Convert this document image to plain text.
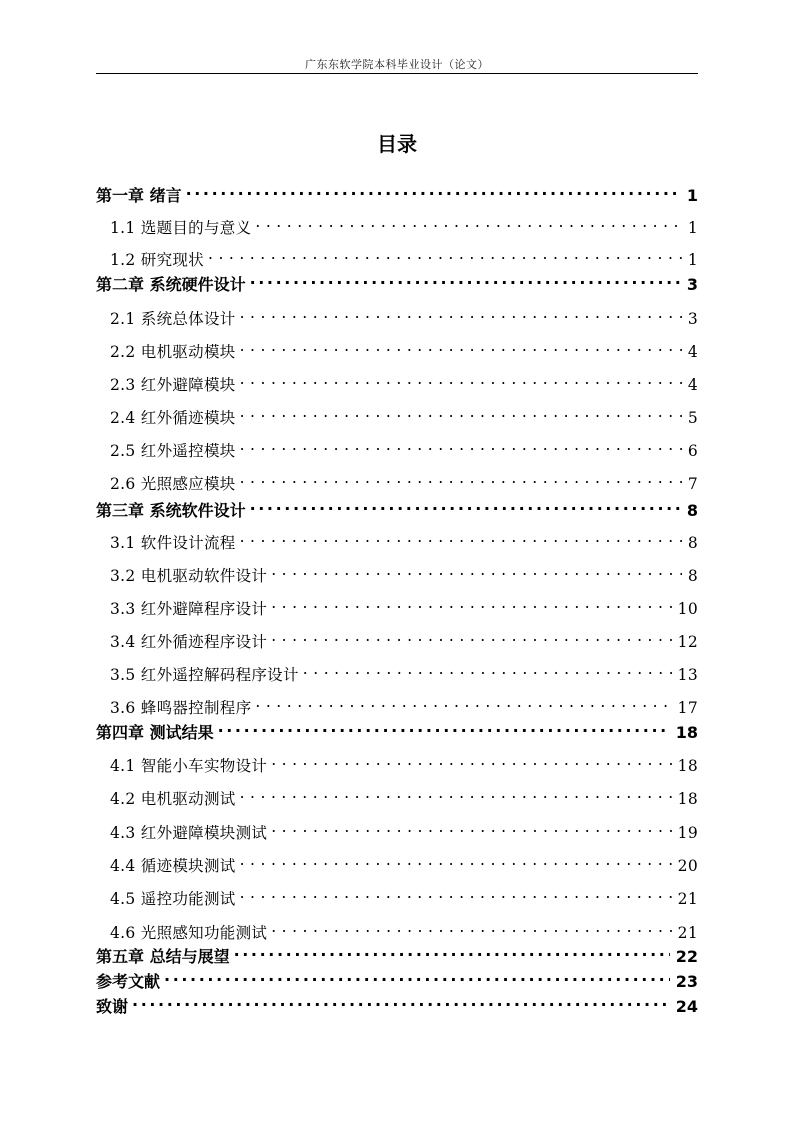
广东东软学院本科毕业设计（论文）
目录
第一章 绪言 .....	1
1.1 选题目的与意义 . . .	1
1.2 研究现状 . . .	1
第二章 系统硬件设计 .....	3
2.1 系统总体设计 . . .	3
2.2 电机驱动模块 . . .	4
2.3 红外避障模块 . . .	4
2.4 红外循迹模块 . . .	5
2.5 红外遥控模块 . . .	6
2.6 光照感应模块 . . .	7
第三章 系统软件设计 .....	8
3.1 软件设计流程 . . .	8
3.2 电机驱动软件设计 . . .	8
3.3 红外避障程序设计 . . .	10
3.4 红外循迹程序设计 . . .	12
3.5 红外遥控解码程序设计 . . .	13
3.6 蜂鸣器控制程序 . . .	17
第四章 测试结果 .....	18
4.1 智能小车实物设计 . . .	18
4.2 电机驱动测试 . . .	18
4.3 红外避障模块测试 . . .	19
4.4 循迹模块测试 . . .	20
4.5 遥控功能测试 . . .	21
4.6 光照感知功能测试 . . .	21
第五章 总结与展望 .....	22
参考文献 .....	23
致谢 .....	24
